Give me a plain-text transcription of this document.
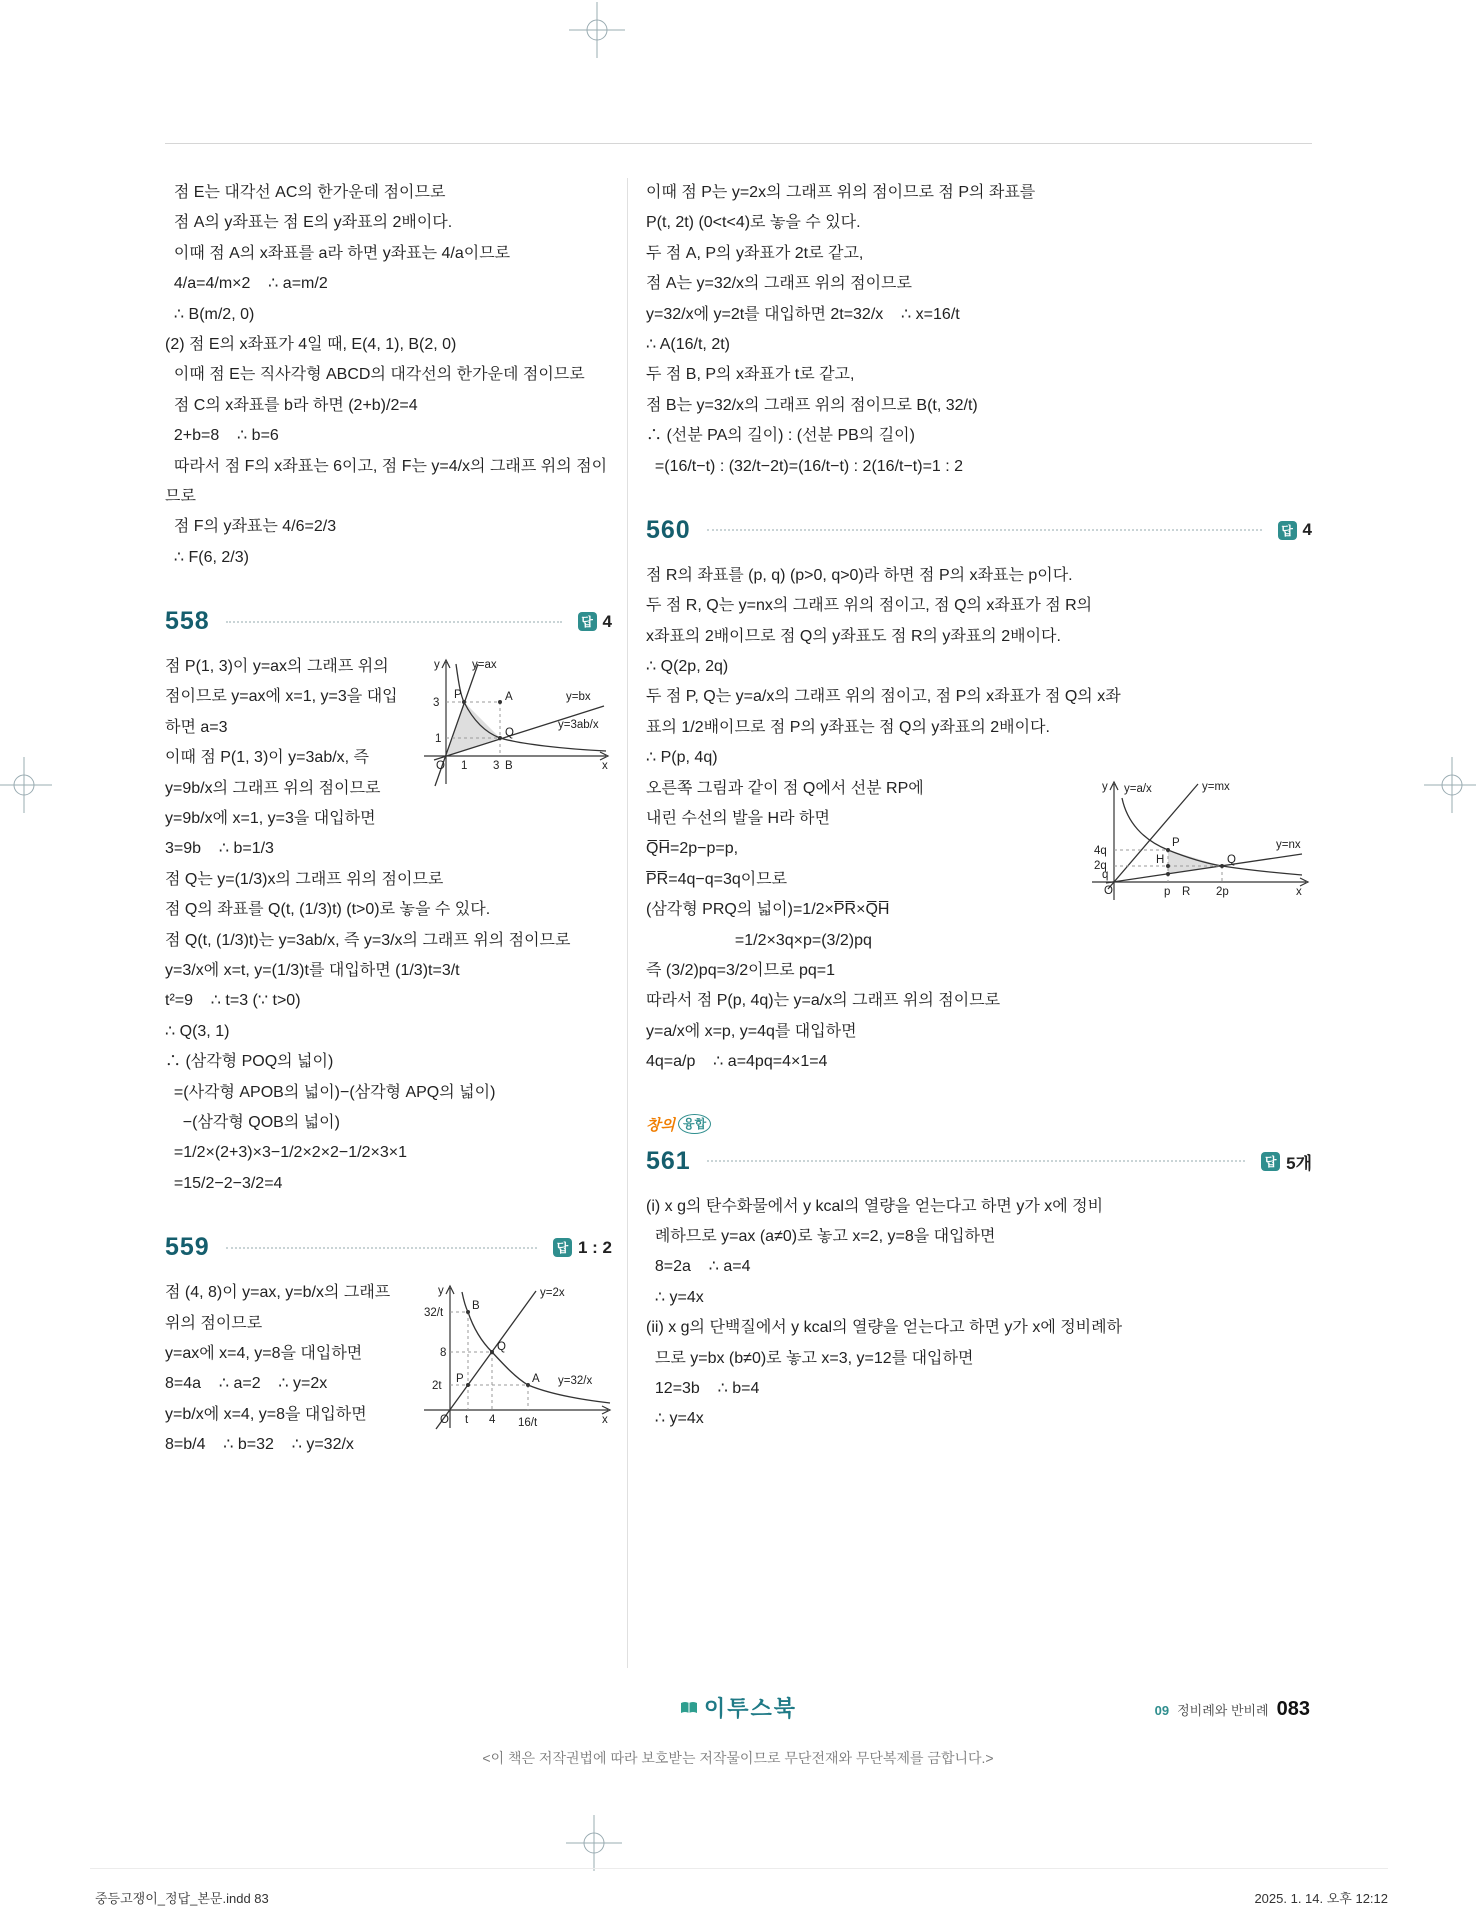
점 E는 대각선 AC의 한가운데 점이므로
점 A의 y좌표는 점 E의 y좌표의 2배이다.
이때 점 A의 x좌표를 a라 하면 y좌표는 4/a이므로
4/a=4/m×2    ∴ a=m/2
∴ B(m/2, 0)
(2) 점 E의 x좌표가 4일 때, E(4, 1), B(2, 0)
이때 점 E는 직사각형 ABCD의 대각선의 한가운데 점이므로
점 C의 x좌표를 b라 하면 (2+b)/2=4
2+b=8    ∴ b=6
따라서 점 F의 x좌표는 6이고, 점 F는 y=4/x의 그래프 위의 점이므로
점 F의 y좌표는 4/6=2/3
∴ F(6, 2/3)
558	답 4
y	y=ax
y=bx
y=3ab/x
3
1
P	A
Q
O 1 3 B	x
점 P(1, 3)이 y=ax의 그래프 위의 점이므로 y=ax에 x=1, y=3을 대입하면 a=3
이때 점 P(1, 3)이 y=3ab/x, 즉 y=9b/x의 그래프 위의 점이므로
y=9b/x에 x=1, y=3을 대입하면
3=9b    ∴ b=1/3
점 Q는 y=(1/3)x의 그래프 위의 점이므로
점 Q의 좌표를 Q(t, (1/3)t) (t>0)로 놓을 수 있다.
점 Q(t, (1/3)t)는 y=3ab/x, 즉 y=3/x의 그래프 위의 점이므로
y=3/x에 x=t, y=(1/3)t를 대입하면 (1/3)t=3/t
t²=9    ∴ t=3 (∵ t>0)
∴ Q(3, 1)
∴ (삼각형 POQ의 넓이)
=(사각형 APOB의 넓이)−(삼각형 APQ의 넓이)
−(삼각형 QOB의 넓이)
=1/2×(2+3)×3−1/2×2×2−1/2×3×1
=15/2−2−3/2=4
559	답 1 : 2
y	y=2x
y=32/x
32/t
8
2t
B
Q
P	A
O t 4 16/t	x
점 (4, 8)이 y=ax, y=b/x의 그래프 위의 점이므로
y=ax에 x=4, y=8을 대입하면
8=4a    ∴ a=2    ∴ y=2x
y=b/x에 x=4, y=8을 대입하면
8=b/4    ∴ b=32    ∴ y=32/x
이때 점 P는 y=2x의 그래프 위의 점이므로 점 P의 좌표를
P(t, 2t) (0<t<4)로 놓을 수 있다.
두 점 A, P의 y좌표가 2t로 같고,
점 A는 y=32/x의 그래프 위의 점이므로
y=32/x에 y=2t를 대입하면 2t=32/x    ∴ x=16/t
∴ A(16/t, 2t)
두 점 B, P의 x좌표가 t로 같고,
점 B는 y=32/x의 그래프 위의 점이므로 B(t, 32/t)
∴ (선분 PA의 길이) : (선분 PB의 길이)
=(16/t−t) : (32/t−2t)=(16/t−t) : 2(16/t−t)=1 : 2
560	답 4
점 R의 좌표를 (p, q) (p>0, q>0)라 하면 점 P의 x좌표는 p이다.
두 점 R, Q는 y=nx의 그래프 위의 점이고, 점 Q의 x좌표가 점 R의
x좌표의 2배이므로 점 Q의 y좌표도 점 R의 y좌표의 2배이다.
∴ Q(2p, 2q)
두 점 P, Q는 y=a/x의 그래프 위의 점이고, 점 P의 x좌표가 점 Q의 x좌
표의 1/2배이므로 점 P의 y좌표는 점 Q의 y좌표의 2배이다.
∴ P(p, 4q)
y y=a/x	y=mx
y=nx
4q
2q
q
H
P
Q
O	p R 2p	x
오른쪽 그림과 같이 점 Q에서 선분 RP에
내린 수선의 발을 H라 하면
Q̅H̅=2p−p=p,
P̅R̅=4q−q=3q이므로
(삼각형 PRQ의 넓이)=1/2×P̅R̅×Q̅H̅
=1/2×3q×p=(3/2)pq
즉 (3/2)pq=3/2이므로 pq=1
따라서 점 P(p, 4q)는 y=a/x의 그래프 위의 점이므로
y=a/x에 x=p, y=4q를 대입하면
4q=a/p    ∴ a=4pq=4×1=4
창의 융합
561	답 5개
(i) x g의 탄수화물에서 y kcal의 열량을 얻는다고 하면 y가 x에 정비
례하므로 y=ax (a≠0)로 놓고 x=2, y=8을 대입하면
8=2a    ∴ a=4
∴ y=4x
(ii) x g의 단백질에서 y kcal의 열량을 얻는다고 하면 y가 x에 정비례하
므로 y=bx (b≠0)로 놓고 x=3, y=12를 대입하면
12=3b    ∴ b=4
∴ y=4x
이투스북	09 정비례와 반비례 083
<이 책은 저작권법에 따라 보호받는 저작물이므로 무단전재와 무단복제를 금합니다.>
중등고쟁이_정답_본문.indd 83	2025. 1. 14. 오후 12:12
